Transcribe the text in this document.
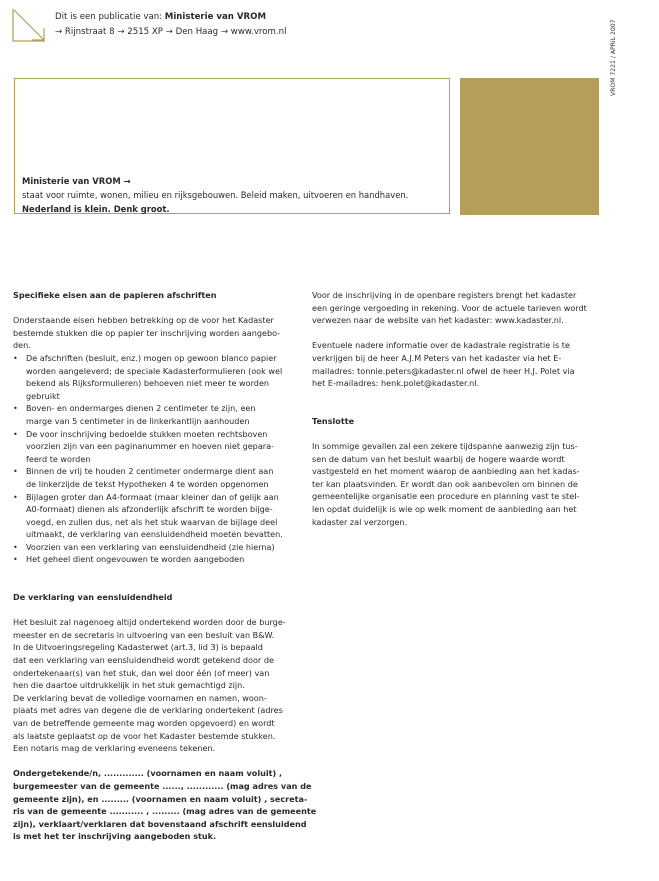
Dit is een publicatie van: Ministerie van VROM
→ Rijnstraat 8 → 2515 XP → Den Haag → www.vrom.nl	VROM 7221 / APRIL 2007
Ministerie van VROM →
staat voor ruimte, wonen, milieu en rijksgebouwen. Beleid maken, uitvoeren en handhaven.
Nederland is klein. Denk groot.
Specifieke eisen aan de papieren afschriften

Onderstaande eisen hebben betrekking op de voor het Kadaster

bestemde stukken die op papier ter inschrijving worden aangebo-

den.

• De afschriften (besluit, enz.) mogen op gewoon blanco papier

worden aangeleverd; de speciale Kadasterformulieren (ook wel

bekend als Rijksformulieren) behoeven niet meer te worden

gebruikt

• Boven- en ondermarges dienen 2 centimeter te zijn, een

marge van 5 centimeter in de linkerkantlijn aanhouden

• De voor inschrijving bedoelde stukken moeten rechtsboven

voorzien zijn van een paginanummer en hoeven niet gepara-

feerd te worden

• Binnen de vrij te houden 2 centimeter ondermarge dient aan

de linkerzijde de tekst Hypotheken 4 te worden opgenomen

• Bijlagen groter dan A4-formaat (maar kleiner dan of gelijk aan

A0-formaat) dienen als afzonderlijk afschrift te worden bijge-

voegd, en zullen dus, net als het stuk waarvan de bijlage deel

uitmaakt, de verklaring van eensluidendheid moeten bevatten.

• Voorzien van een verklaring van eensluidendheid (zie hierna)

• Het geheel dient ongevouwen te worden aangeboden

De verklaring van eensluidendheid

Het besluit zal nagenoeg altijd ondertekend worden door de burge-

meester en de secretaris in uitvoering van een besluit van B&W.

In de Uitvoeringsregeling Kadasterwet (art.3, lid 3) is bepaald

dat een verklaring van eensluidendheid wordt getekend door de

ondertekenaar(s) van het stuk, dan wel door één (of meer) van

hen die daartoe uitdrukkelijk in het stuk gemachtigd zijn.

De verklaring bevat de volledige voornamen en namen, woon-

plaats met adres van degene die de verklaring ondertekent (adres

van de betreffende gemeente mag worden opgevoerd) en wordt

als laatste geplaatst op de voor het Kadaster bestemde stukken.

Een notaris mag de verklaring eveneens tekenen.

Ondergetekende/n, ............. (voornamen en naam voluit) ,

burgemeester van de gemeente ......, ............ (mag adres van de

gemeente zijn), en ......... (voornamen en naam voluit) , secreta-

ris van de gemeente ........... , ......... (mag adres van de gemeente

zijn), verklaart/verklaren dat bovenstaand afschrift eensluidend

is met het ter inschrijving aangeboden stuk.

Voor de inschrijving in de openbare registers brengt het kadaster

een geringe vergoeding in rekening. Voor de actuele tarieven wordt

verwezen naar de website van het kadaster: www.kadaster.nl.

Eventuele nadere informatie over de kadastrale registratie is te

verkrijgen bij de heer A.J.M Peters van het kadaster via het E-

mailadres: tonnie.peters@kadaster.nl ofwel de heer H.J. Polet via

het E-mailadres: henk.polet@kadaster.nl.

Tenslotte

In sommige gevallen zal een zekere tijdspanne aanwezig zijn tus-

sen de datum van het besluit waarbij de hogere waarde wordt

vastgesteld en het moment waarop de aanbieding aan het kadas-

ter kan plaatsvinden. Er wordt dan ook aanbevolen om binnen de

gemeentelijke organisatie een procedure en planning vast te stel-

len opdat duidelijk is wie op welk moment de aanbieding aan het

kadaster zal verzorgen.
